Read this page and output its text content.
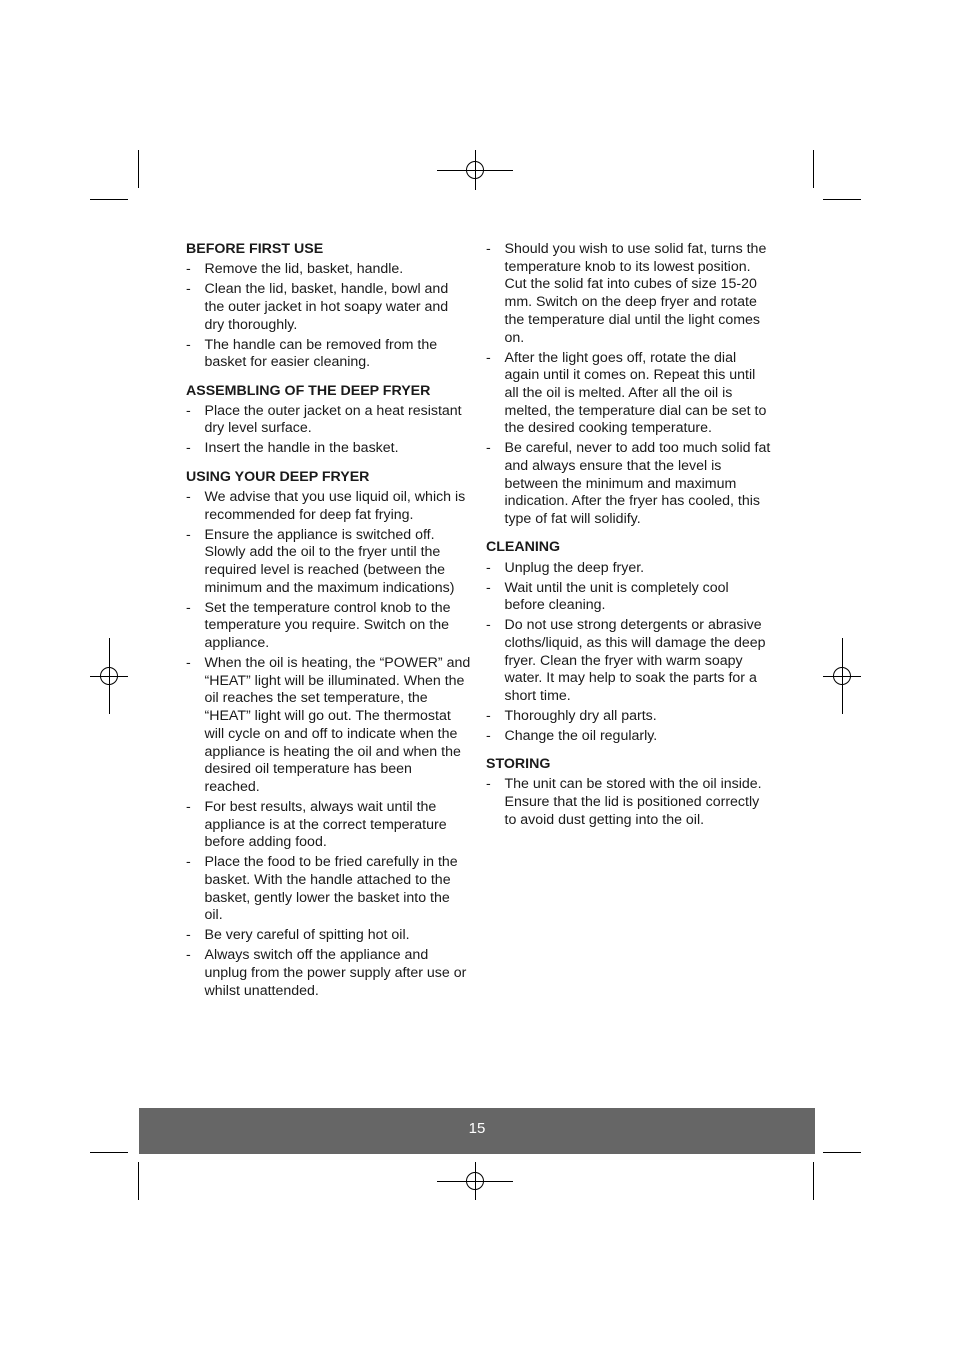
BEFORE FIRST USE
- Remove the lid, basket, handle.
- Clean the lid, basket, handle, bowl and the outer jacket in hot soapy water and dry thoroughly.
- The handle can be removed from the basket for easier cleaning.
ASSEMBLING OF THE DEEP FRYER
- Place the outer jacket on a heat resistant dry level surface.
- Insert the handle in the basket.
USING YOUR DEEP FRYER
- We advise that you use liquid oil, which is recommended for deep fat frying.
- Ensure the appliance is switched off. Slowly add the oil to the fryer until the required level is reached (between the minimum and the maximum indications)
- Set the temperature control knob to the temperature you require. Switch on the appliance.
- When the oil is heating, the “POWER” and “HEAT” light will be illuminated. When the oil reaches the set temperature, the “HEAT” light will go out. The thermostat will cycle on and off to indicate when the appliance is heating the oil and when the desired oil temperature has been reached.
- For best results, always wait until the appliance is at the correct temperature before adding food.
- Place the food to be fried carefully in the basket. With the handle attached to the basket, gently lower the basket into the oil.
- Be very careful of spitting hot oil.
- Always switch off the appliance and unplug from the power supply after use or whilst unattended.
- Should you wish to use solid fat, turns the temperature knob to its lowest position. Cut the solid fat into cubes of size 15-20 mm. Switch on the deep fryer and rotate the temperature dial until the light comes on.
- After the light goes off, rotate the dial again until it comes on. Repeat this until all the oil is melted. After all the oil is melted, the temperature dial can be set to the desired cooking temperature.
- Be careful, never to add too much solid fat and always ensure that the level is between the minimum and maximum indication. After the fryer has cooled, this type of fat will solidify.
CLEANING
- Unplug the deep fryer.
- Wait until the unit is completely cool before cleaning.
- Do not use strong detergents or abrasive cloths/liquid, as this will damage the deep fryer. Clean the fryer with warm soapy water. It may help to soak the parts for a short time.
- Thoroughly dry all parts.
- Change the oil regularly.
STORING
- The unit can be stored with the oil inside. Ensure that the lid is positioned correctly to avoid dust getting into the oil.
15
